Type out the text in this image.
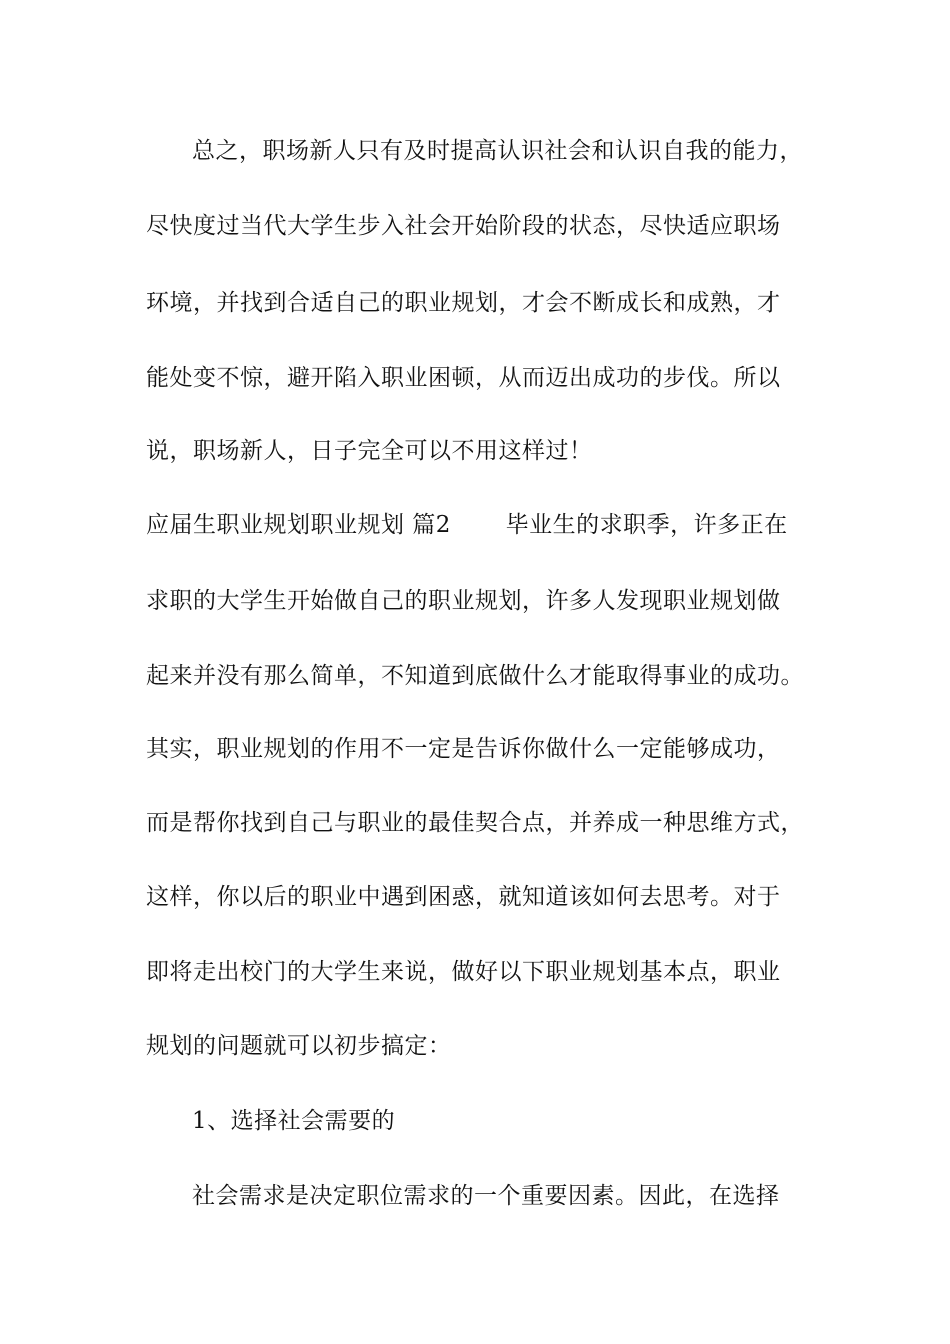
总之，职场新人只有及时提高认识社会和认识自我的能力，
尽快度过当代大学生步入社会开始阶段的状态，尽快适应职场
环境，并找到合适自己的职业规划，才会不断成长和成熟，才
能处变不惊，避开陷入职业困顿，从而迈出成功的步伐。所以
说，职场新人，日子完全可以不用这样过！
应届生职业规划职业规划 篇2       毕业生的求职季，许多正在
求职的大学生开始做自己的职业规划，许多人发现职业规划做
起来并没有那么简单，不知道到底做什么才能取得事业的成功。
其实，职业规划的作用不一定是告诉你做什么一定能够成功，
而是帮你找到自己与职业的最佳契合点，并养成一种思维方式，
这样，你以后的职业中遇到困惑，就知道该如何去思考。对于
即将走出校门的大学生来说，做好以下职业规划基本点，职业
规划的问题就可以初步搞定：
1、选择社会需要的
社会需求是决定职位需求的一个重要因素。因此，在选择
